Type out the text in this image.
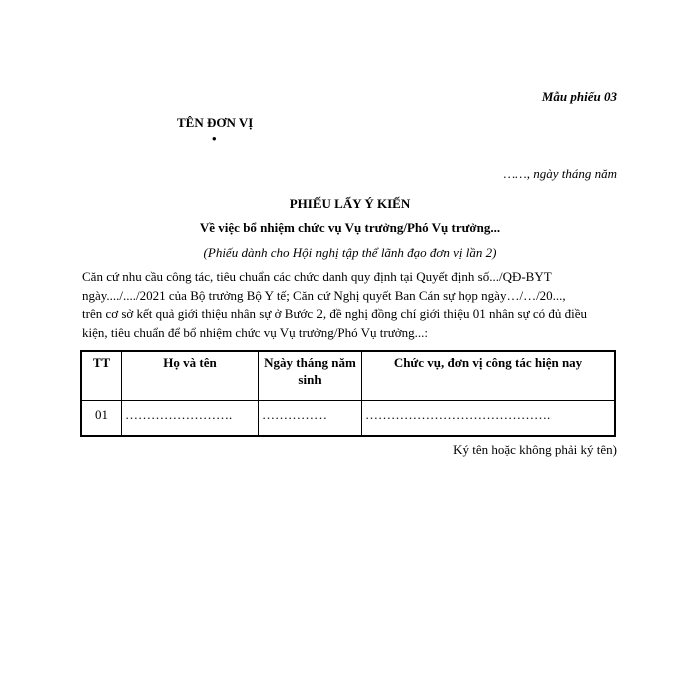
Mẫu phiếu 03
TÊN ĐƠN VỊ
•
……, ngày tháng năm
PHIẾU LẤY Ý KIẾN
Về việc bổ nhiệm chức vụ Vụ trưởng/Phó Vụ trưởng...
(Phiếu dành cho Hội nghị tập thể lãnh đạo đơn vị lần 2)
Căn cứ nhu cầu công tác, tiêu chuẩn các chức danh quy định tại Quyết định số.../QĐ-BYT
ngày..../..../2021 của Bộ trưởng Bộ Y tế; Căn cứ Nghị quyết Ban Cán sự họp ngày…/…/20...,
trên cơ sở kết quả giới thiệu nhân sự ở Bước 2, đề nghị đồng chí giới thiệu 01 nhân sự có đủ điều
kiện, tiêu chuẩn để bổ nhiệm chức vụ Vụ trưởng/Phó Vụ trưởng...:
TT	Họ và tên	Ngày tháng năm sinh	Chức vụ, đơn vị công tác hiện nay
01	…………………….	……………	…………………………………….
Ký tên hoặc không phải ký tên)
